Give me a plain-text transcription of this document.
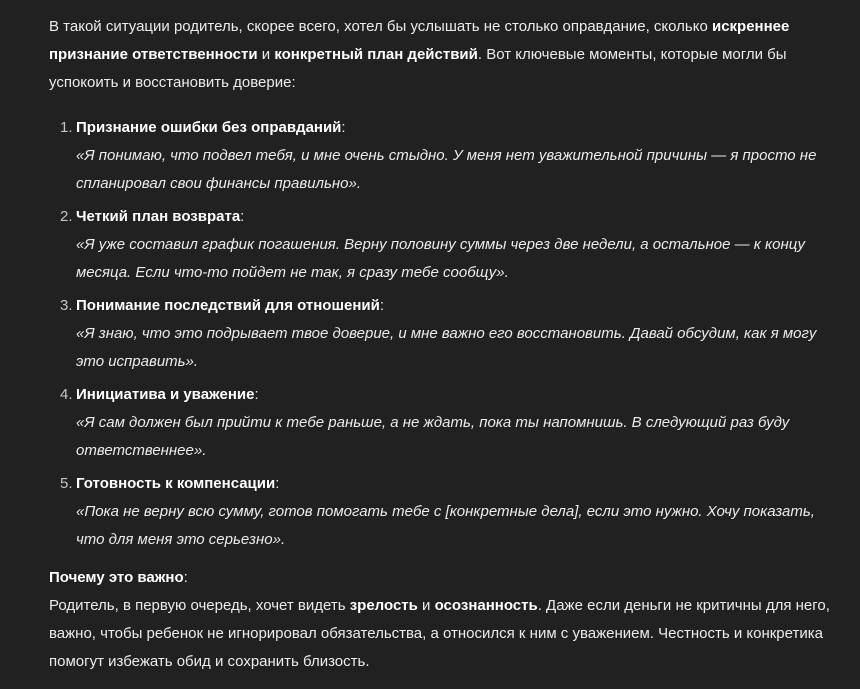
В такой ситуации родитель, скорее всего, хотел бы услышать не столько оправдание, сколько искреннее признание ответственности и конкретный план действий. Вот ключевые моменты, которые могли бы успокоить и восстановить доверие:

Признание ошибки без оправданий:
«Я понимаю, что подвел тебя, и мне очень стыдно. У меня нет уважительной причины — я просто не спланировал свои финансы правильно».
Четкий план возврата:
«Я уже составил график погашения. Верну половину суммы через две недели, а остальное — к концу месяца. Если что-то пойдет не так, я сразу тебе сообщу».
Понимание последствий для отношений:
«Я знаю, что это подрывает твое доверие, и мне важно его восстановить. Давай обсудим, как я могу это исправить».
Инициатива и уважение:
«Я сам должен был прийти к тебе раньше, а не ждать, пока ты напомнишь. В следующий раз буду ответственнее».
Готовность к компенсации:
«Пока не верну всю сумму, готов помогать тебе с [конкретные дела], если это нужно. Хочу показать, что для меня это серьезно».

Почему это важно:

Родитель, в первую очередь, хочет видеть зрелость и осознанность. Даже если деньги не критичны для него, важно, чтобы ребенок не игнорировал обязательства, а относился к ним с уважением. Честность и конкретика помогут избежать обид и сохранить близость.
